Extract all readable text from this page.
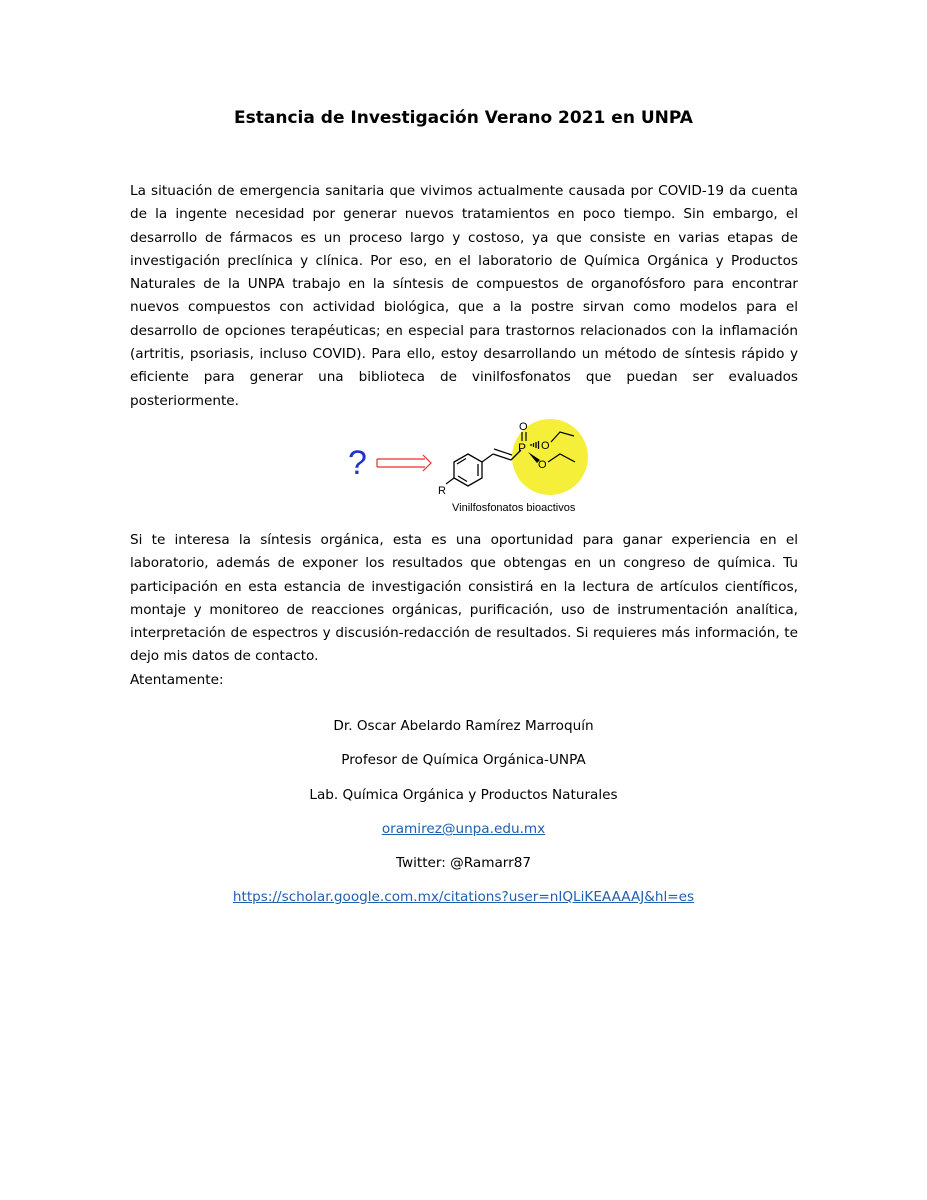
Estancia de Investigación Verano 2021 en UNPA
La situación de emergencia sanitaria que vivimos actualmente causada por COVID-19 da cuenta de la ingente necesidad por generar nuevos tratamientos en poco tiempo. Sin embargo, el desarrollo de fármacos es un proceso largo y costoso, ya que consiste en varias etapas de investigación preclínica y clínica. Por eso, en el laboratorio de Química Orgánica y Productos Naturales de la UNPA trabajo en la síntesis de compuestos de organofósforo para encontrar nuevos compuestos con actividad biológica, que a la postre sirvan como modelos para el desarrollo de opciones terapéuticas; en especial para trastornos relacionados con la inflamación (artritis, psoriasis, incluso COVID). Para ello, estoy desarrollando un método de síntesis rápido y eficiente para generar una biblioteca de vinilfosfonatos que puedan ser evaluados posteriormente.
?
R
P
O
O
O
Vinilfosfonatos bioactivos
Si te interesa la síntesis orgánica, esta es una oportunidad para ganar experiencia en el laboratorio, además de exponer los resultados que obtengas en un congreso de química. Tu participación en esta estancia de investigación consistirá en la lectura de artículos científicos, montaje y monitoreo de reacciones orgánicas, purificación, uso de instrumentación analítica, interpretación de espectros y discusión-redacción de resultados. Si requieres más información, te dejo mis datos de contacto.
Atentamente:
Dr. Oscar Abelardo Ramírez Marroquín
Profesor de Química Orgánica-UNPA
Lab. Química Orgánica y Productos Naturales
oramirez@unpa.edu.mx
Twitter: @Ramarr87
https://scholar.google.com.mx/citations?user=nIQLiKEAAAAJ&hl=es
